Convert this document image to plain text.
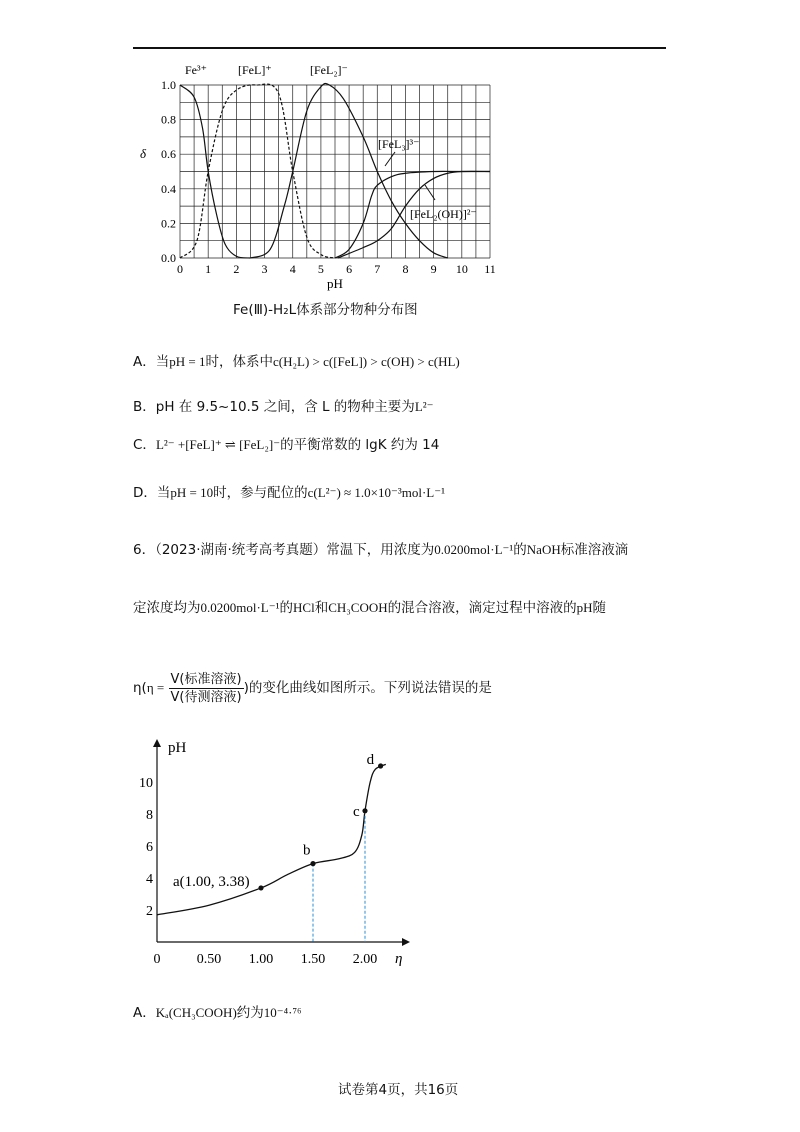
0 1 2 3 4 5 6 7 8 9 10 11
0.0
0.2
0.4
0.6
0.8
1.0
pH
δ
Fe³⁺	[FeL]⁺	[FeL₂]⁻
[FeL₃]³⁻
[FeL₂(OH)]²⁻
Fe(Ⅲ)-H₂L体系部分物种分布图
A．当pH = 1时，体系中c(H₂L) > c([FeL]) > c(OH) > c(HL)
B．pH 在 9.5~10.5 之间，含 L 的物种主要为L²⁻
C．L²⁻ +[FeL]⁺ ⇌ [FeL₂]⁻的平衡常数的 lgK 约为 14
D．当pH = 10时，参与配位的c(L²⁻) ≈ 1.0×10⁻³mol·L⁻¹
6．（2023·湖南·统考高考真题）常温下，用浓度为0.0200mol·L⁻¹的NaOH标准溶液滴
定浓度均为0.0200mol·L⁻¹的HCl和CH₃COOH的混合溶液，滴定过程中溶液的pH随
$\eta(\eta = \frac{\text{V(标准溶液)}}{\text{V(待测溶液)}}$ )的变化曲线如图所示。下列说法错误的是
pH
η
0	0.50 1.00 1.50 2.00
2
4
6
8
10
a(1.00, 3.38)
b
c
d
A．Kₐ(CH₃COOH)约为10⁻⁴·⁷⁶
试卷第4页，共16页
